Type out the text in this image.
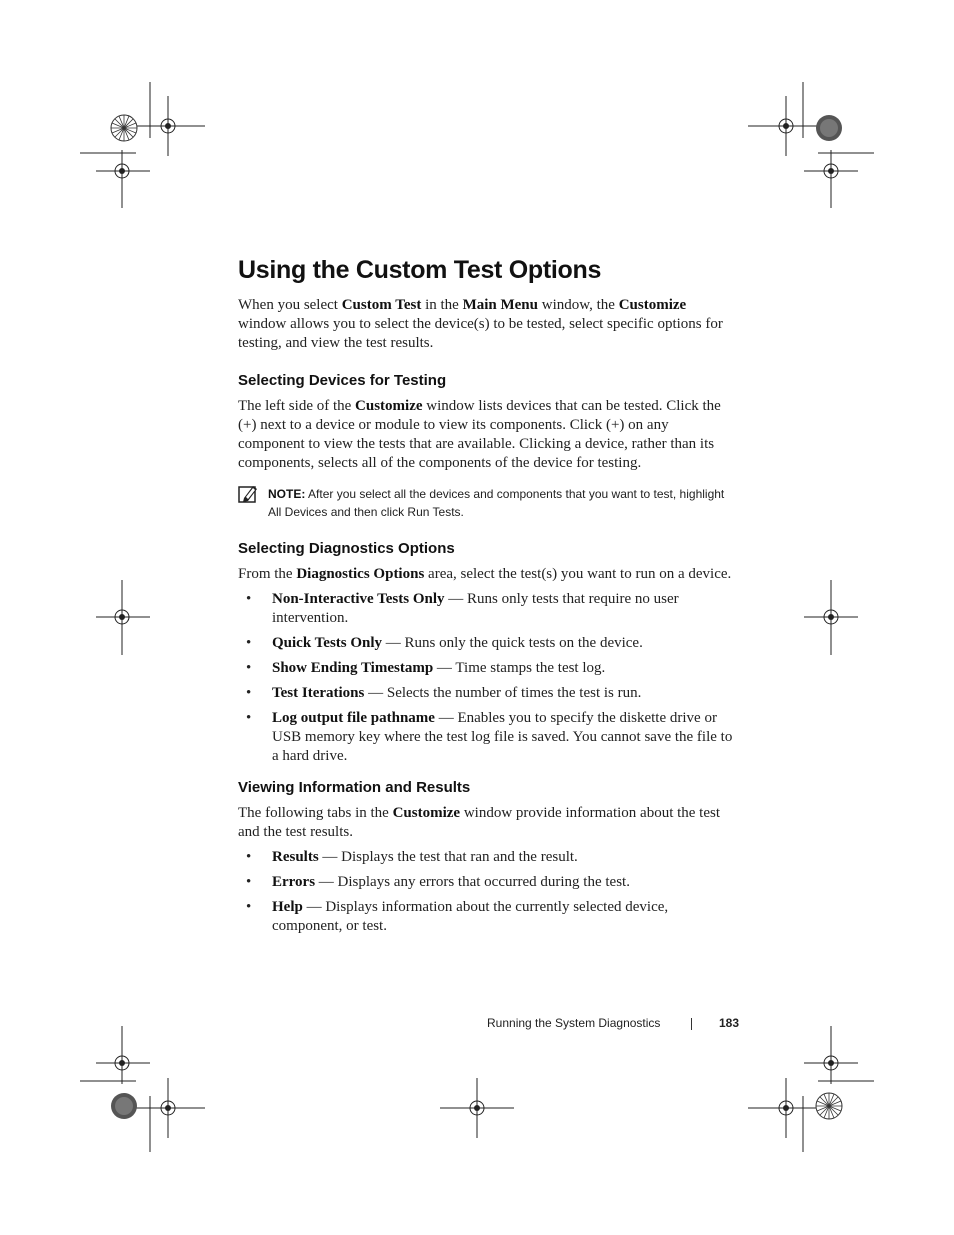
Using the Custom Test Options

When you select Custom Test in the Main Menu window, the Customize window allows you to select the device(s) to be tested, select specific options for testing, and view the test results.

Selecting Devices for Testing

The left side of the Customize window lists devices that can be tested. Click the (+) next to a device or module to view its components. Click (+) on any component to view the tests that are available. Clicking a device, rather than its components, selects all of the components of the device for testing.

NOTE: After you select all the devices and components that you want to test, highlight All Devices and then click Run Tests.
Selecting Diagnostics Options

From the Diagnostics Options area, select the test(s) you want to run on a device.

• Non-Interactive Tests Only — Runs only tests that require no user intervention.
• Quick Tests Only — Runs only the quick tests on the device.
• Show Ending Timestamp — Time stamps the test log.
• Test Iterations — Selects the number of times the test is run.
• Log output file pathname — Enables you to specify the diskette drive or USB memory key where the test log file is saved. You cannot save the file to a hard drive.
Viewing Information and Results

The following tabs in the Customize window provide information about the test and the test results.

• Results — Displays the test that ran and the result.
• Errors — Displays any errors that occurred during the test.
• Help — Displays information about the currently selected device, component, or test.
Running the System Diagnostics	183
